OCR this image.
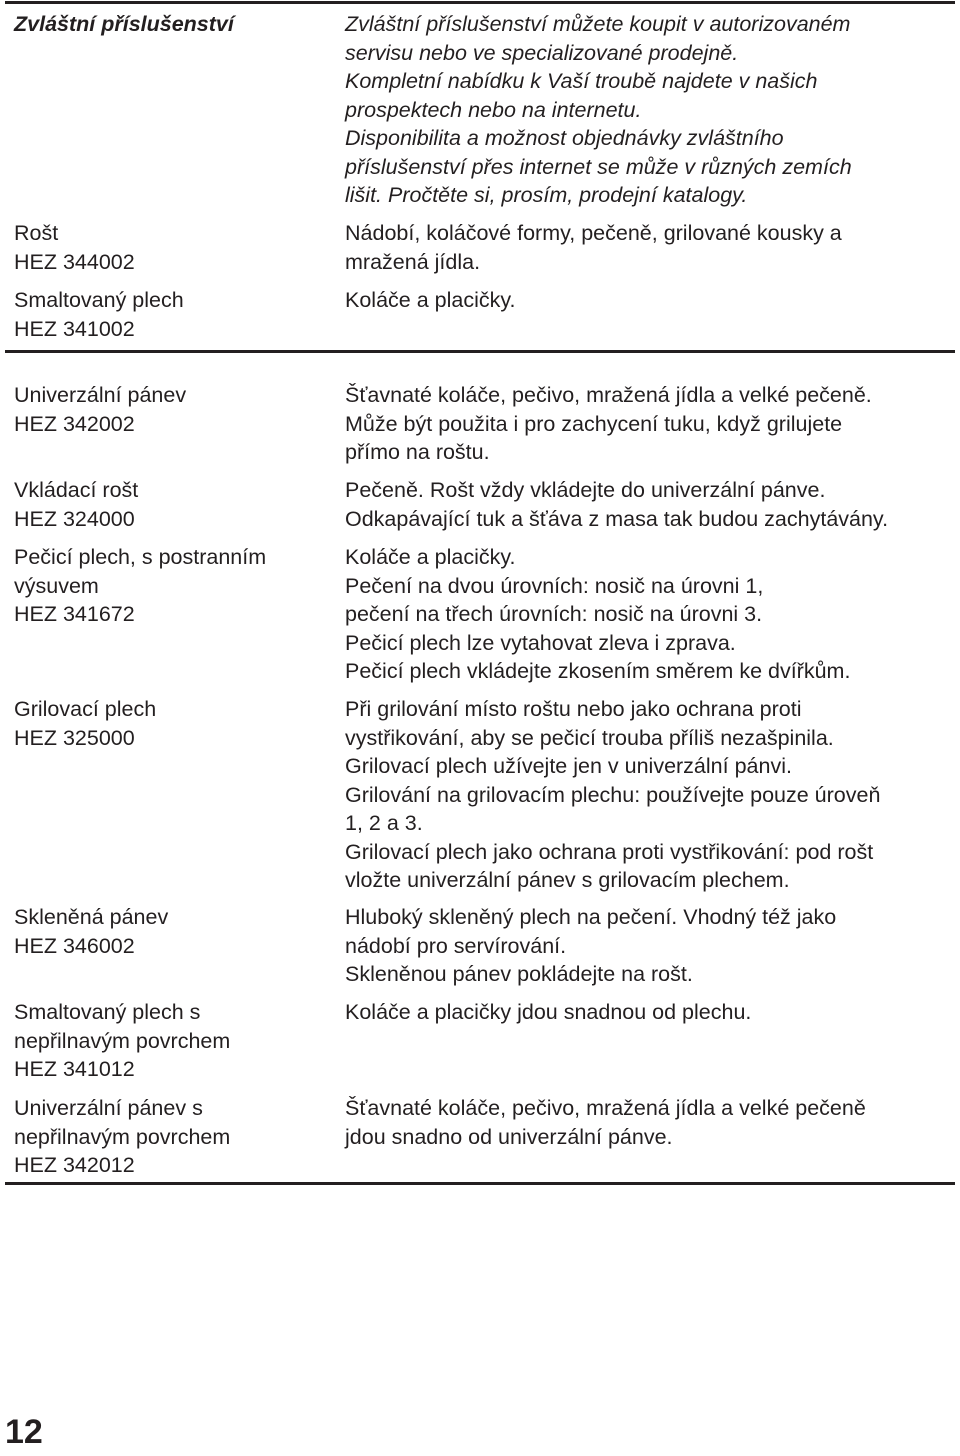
Zvláštní příslušenství	Zvláštní příslušenství můžete koupit v autorizovaném
servisu nebo ve specializované prodejně.
Kompletní nabídku k Vaší troubě najdete v našich
prospektech nebo na internetu.
Disponibilita a možnost objednávky zvláštního
příslušenství přes internet se může v různých zemích
lišit. Pročtěte si, prosím, prodejní katalogy.
Rošt
HEZ 344002
Nádobí, koláčové formy, pečeně, grilované kousky a
mražená jídla.
Smaltovaný plech
HEZ 341002
Koláče a placičky.
Univerzální pánev
HEZ 342002
Šťavnaté koláče, pečivo, mražená jídla a velké pečeně.
Může být použita i pro zachycení tuku, když grilujete
přímo na roštu.
Vkládací rošt
HEZ 324000
Pečeně. Rošt vždy vkládejte do univerzální pánve.
Odkapávající tuk a šťáva z masa tak budou zachytávány.
Pečicí plech, s postranním
výsuvem
HEZ 341672
Koláče a placičky.
Pečení na dvou úrovních: nosič na úrovni 1,
pečení na třech úrovních: nosič na úrovni 3.
Pečicí plech lze vytahovat zleva i zprava.
Pečicí plech vkládejte zkosením směrem ke dvířkům.
Grilovací plech
HEZ 325000
Při grilování místo roštu nebo jako ochrana proti
vystřikování, aby se pečicí trouba příliš nezašpinila.
Grilovací plech užívejte jen v univerzální pánvi.
Grilování na grilovacím plechu: používejte pouze úroveň
1, 2 a 3.
Grilovací plech jako ochrana proti vystřikování: pod rošt
vložte univerzální pánev s grilovacím plechem.
Skleněná pánev
HEZ 346002
Hluboký skleněný plech na pečení. Vhodný též jako
nádobí pro servírování.
Skleněnou pánev pokládejte na rošt.
Smaltovaný plech s
nepřilnavým povrchem
HEZ 341012
Koláče a placičky jdou snadnou od plechu.
Univerzální pánev s
nepřilnavým povrchem
HEZ 342012
Šťavnaté koláče, pečivo, mražená jídla a velké pečeně
jdou snadno od univerzální pánve.
12
